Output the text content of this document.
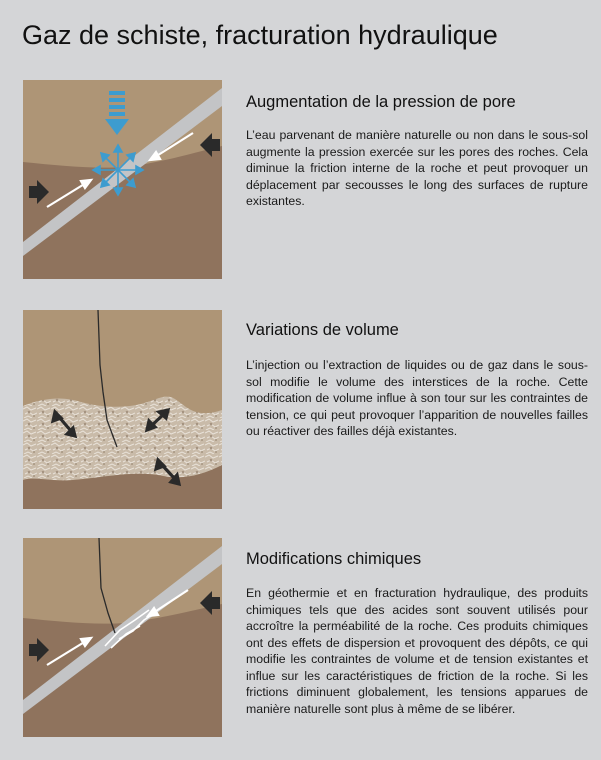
Gaz de schiste, fracturation hydraulique
Augmentation de la pression de pore

L’eau parvenant de manière naturelle ou non dans le sous-sol augmente la pression exercée sur les pores des roches. Cela diminue la friction interne de la roche et peut provoquer un déplacement par secousses le long des surfaces de rupture existantes.

Variations de volume

L’injection ou l’extraction de liquides ou de gaz dans le sous-sol modifie le volume des interstices de la roche. Cette modification de volume influe à son tour sur les contraintes de tension, ce qui peut provoquer l’apparition de nouvelles failles ou réactiver des failles déjà existantes.

Modifications chimiques

En géothermie et en fracturation hydraulique, des produits chimiques tels que des acides sont souvent utilisés pour accroître la perméabilité de la roche. Ces produits chimiques ont des effets de dispersion et provoquent des dépôts, ce qui modifie les contraintes de volume et de tension existantes et influe sur les caractéristiques de friction de la roche. Si les frictions diminuent globalement, les tensions apparues de manière naturelle sont plus à même de se libérer.
